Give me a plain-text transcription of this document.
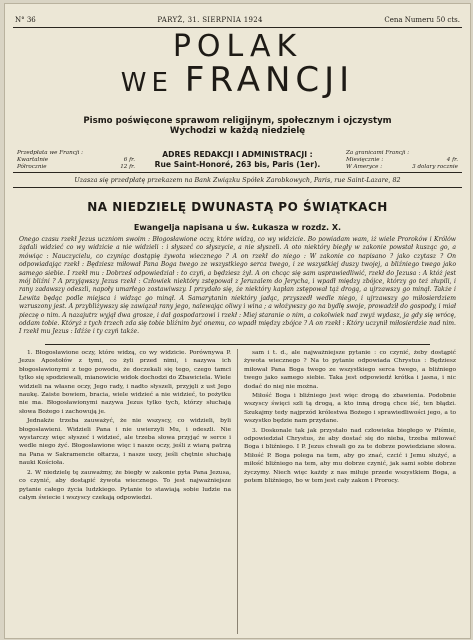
N° 36	PARYŻ, 31. SIERPNIA 1924	Cena Numeru 50 cts.
POLAK
WE FRANCJI
Pismo poświęcone sprawom religijnym, społecznym i ojczystym
Wychodzi w każdą niedzielę
Przedpłata we Francji :
Kwartalnie	6 fr.
Półrocznie	12 fr.
ADRES REDAKCJI I ADMINISTRACJI :
Rue Saint-Honoré, 263 bis, Paris (1er).
Za granicami Francji :
Miesięcznie :	4 fr.
W Ameryce :	3 dolary rocznie
Uzasza się przedpłatę przekazem na Bank Związku Spółek Zarobkowych, Paris, rue Saint-Lazare, 82
NA NIEDZIELĘ DWUNASTĄ PO ŚWIĄTKACH
Ewangelja napisana u św. Łukasza w rozdz. X.
Onego czasu rzekł Jezus uczniom swoim : Błogosławione oczy, które widzą, co wy widzicie. Bo powiadam wam, iż wiele Proroków i Królów żądali widzieć co wy widzicie a nie widzieli : i słyszeć co słyszycie, a nie słyszeli. A oto niektóry biegły w zakonie powstał kusząc go, a mówiąc : Nauczycielu, co czyniąc dostąpię żywota wiecznego ? A on rzekł do niego : W zakonie co napisano ? jako czytasz ? On odpowiadając rzekł : Będziesz miłował Pana Boga twego ze wszystkiego serca twego, i ze wszystkiej duszy twojej, a bliźniego twego jako samego siebie. I rzekł mu : Dobrześ odpowiedział : to czyń, a będziesz żył. A on chcąc się sam usprawiedliwić, rzekł do Jezusa : A któż jest mój bliźni ? A przyjąwszy Jezus rzekł : Człowiek niektóry zstępował z Jeruzalem do Jerycha, i wpadł między zbójce, którzy go też złupili, i rany zadawszy odeszli, napoły umarłego zostawiwszy. I przydało się, że niektóry kapłan zstępował tąż drogą, a ujrzawszy go minął. Także i Lewita będąc podle miejsca i widząc go minął. A Samarytanin niektóry jadąc, przyszedł wedle niego, i ujrzawszy go miłosierdziem wzruszony jest. A przybliżywszy się zawiązał rany jego, nalewając oliwy i wina ; a włożywszy go na bydlę swoje, prowadził do gospody, i miał pieczę o nim. A nazajutrz wyjął dwa grosze, i dał gospodarzowi i rzekł : Miej staranie o nim, a cokolwiek nad zwyż wydasz, ja gdy się wrócę, oddam tobie. Któryż z tych trzech zda się tobie bliźnim być onemu, co wpadł między zbójce ? A on rzekł : Który uczynił miłosierdzie nad nim. I rzekł mu Jezus : Idźże i ty czyń także.

1. Błogosławione oczy, które widzą, co wy widzicie. Porównywa P. Jezus Apostołów z tymi, co żyli przed nimi, i nazywa ich błogosławionymi z tego powodu, że doczekali się tego, czego tamci tylko się spodziewali, mianowicie widok dochodzi do Zbawiciela. Wiele widzieli na własne oczy, Jego rady, i nadto słyszeli, przyjęli z ust Jego naukę. Zaiste bowiem, bracia, wiele widzieć a nie widzieć, to pożytku nie ma. Błogosławionymi nazywa Jezus tylko tych, którzy słuchają słowa Bożego i zachowują je.

Jednakże trzeba zauważyć, że nie wszyscy, co widzieli, byli błogosławieni. Widzieli Pana i nie uwierzyli Mu, i odeszli. Nie wystarczy więc słyszeć i widzieć, ale trzeba słowa przyjąć w serce i wedle niego żyć. Błogosławione więc i nasze oczy, jeśli z wiarą patrzą na Pana w Sakramencie ołtarza, i nasze uszy, jeśli chętnie słuchają nauki Kościoła.

2. W niedzielę tę zauważmy, że biegły w zakonie pyta Pana Jezusa, co czynić, aby dostąpić żywota wiecznego. To jest najważniejsze pytanie całego życia ludzkiego. Pytanie to stawiają sobie ludzie na całym świecie i wszyscy czekają odpowiedzi.

sam i t. d., ale najważniejsze pytanie : co czynić, żeby dostąpić żywota wiecznego ? Na to pytanie odpowiada Chrystus : Będziesz miłował Pana Boga twego ze wszystkiego serca twego, a bliźniego twego jako samego siebie. Taka jest odpowiedź krótka i jasna, i nic dodać do niej nie można.

Miłość Boga i bliźniego jest więc drogą do zbawienia. Podobnie wszyscy święci szli tą drogą, a kto inną drogą chce iść, ten błądzi. Szukajmy tedy najprzód królestwa Bożego i sprawiedliwości jego, a to wszystko będzie nam przydane.

3. Doskonale tak jak przystało nad człowieka biegłego w Piśmie, odpowiedział Chrystus, że aby dostać się do nieba, trzeba miłować Boga i bliźniego. I P. Jezus chwali go za te dobrze powiedziane słowa. Miłość P. Boga polega na tem, aby go znać, czcić i Jemu służyć, a miłość bliźniego na tem, aby mu dobrze czynić, jak sami sobie dobrze życzymy. Niech więc każdy z nas miłuje przede wszystkiem Boga, a potem bliźniego, bo w tem jest cały zakon i Prorocy.
